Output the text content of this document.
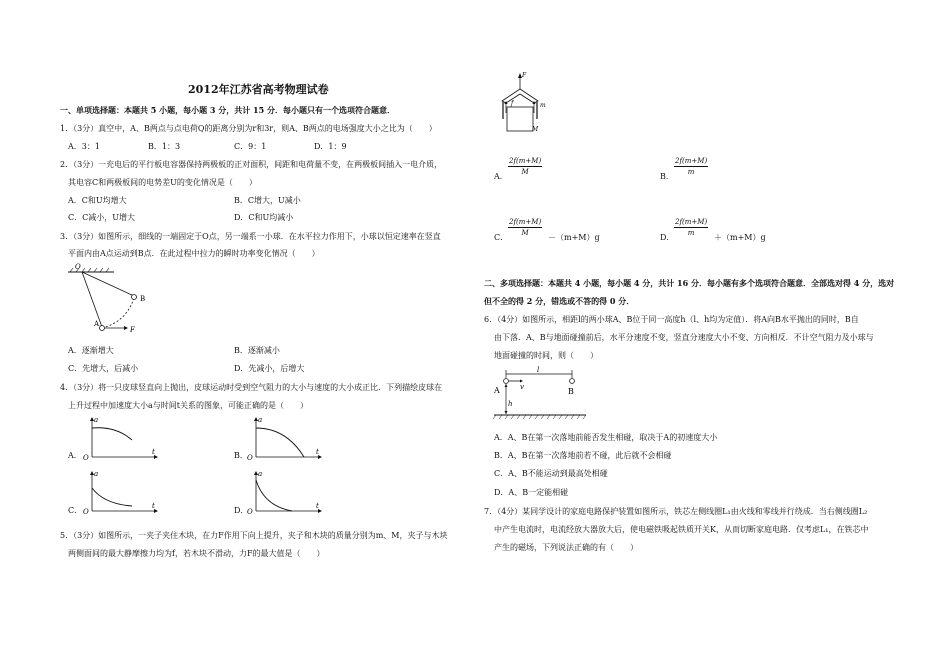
2012年江苏省高考物理试卷
一、单项选择题：本题共 5 小题，每小题 3 分，共计 15 分．每小题只有一个选项符合题意．
1．（3分）真空中，A、B两点与点电荷Q的距离分别为r和3r，则A、B两点的电场强度大小之比为（　　）
A．3：1	B．1：3	C．9：1	D．1：9
2．（3分）一充电后的平行板电容器保持两极板的正对面积，间距和电荷量不变，在两极板间插入一电介质，
其电容C和两极板间的电势差U的变化情况是（　　）
A．C和U均增大	B．C增大，U减小
C．C减小，U增大	D．C和U均减小
3．（3分）如图所示，细线的一端固定于O点，另一端系一小球．在水平拉力作用下，小球以恒定速率在竖直
平面内由A点运动到B点．在此过程中拉力的瞬时功率变化情况（　　）
O
A
B
F
A．逐渐增大	B．逐渐减小
C．先增大，后减小	D．先减小，后增大
4．（3分）将一只皮球竖直向上抛出，皮球运动时受到空气阻力的大小与速度的大小成正比．下列描绘皮球在
上升过程中加速度大小a与时间t关系的图象，可能正确的是（　　）
A．	B．
C．	D．
a
t
O
a
t
O
a
t
O
a
t
O
5．（3分）如图所示，一夹子夹住木块，在力F作用下向上提升，夹子和木块的质量分别为m、M，夹子与木块
两侧面间的最大静摩擦力均为f，若木块不滑动，力F的最大值是（　　）
F
f	m
M
A．
$\frac{2f(m+M)}{M}$
B．
$\frac{2f(m+M)}{m}$
C．
$\frac{2f(m+M)}{M}$
－（m+M）g	D．
$\frac{2f(m+M)}{m}$
＋（m+M）g
二、多项选择题：本题共 4 小题，每小题 4 分，共计 16 分．每小题有多个选项符合题意．全部选对得 4 分，选对
但不全的得 2 分，错选或不答的得 0 分．
6．（4分）如图所示，相距l的两小球A、B位于同一高度h（l、h均为定值）．将A向B水平抛出的同时，B自
由下落．A、B与地面碰撞前后，水平分速度不变，竖直分速度大小不变、方向相反．不计空气阻力及小球与
地面碰撞的时间，则（　　）
l
A	B
v
h
A．A、B在第一次落地前能否发生相碰，取决于A的初速度大小
B．A、B在第一次落地前若不碰，此后就不会相碰
C．A、B不能运动到最高处相碰
D．A、B一定能相碰
7．（4分）某同学设计的家庭电路保护装置如图所示，铁芯左侧线圈L₁由火线和零线并行绕成．当右侧线圈L₂
中产生电流时，电流经放大器放大后，使电磁铁吸起铁质开关K，从而切断家庭电路．仅考虑L₁，在铁芯中
产生的磁场，下列说法正确的有（　　）
